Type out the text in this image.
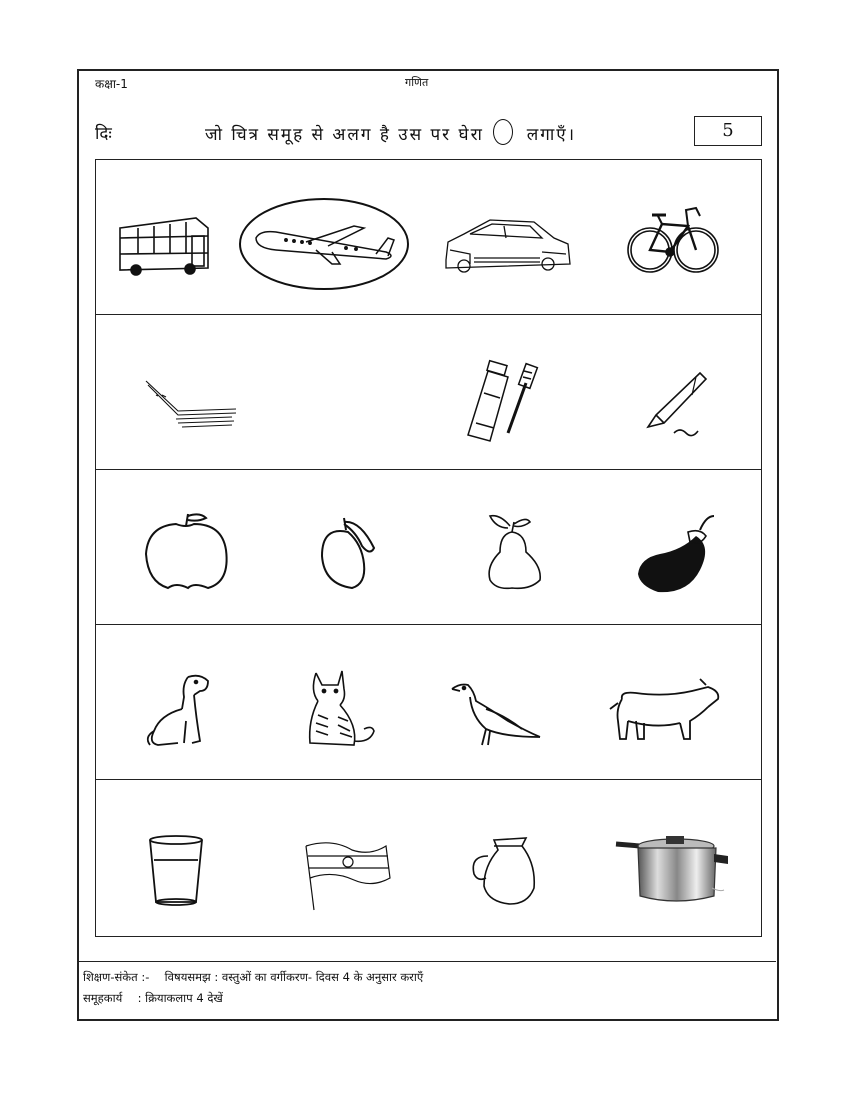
कक्षा-1	गणित
दिः	जो चित्र समूह से अलग है उस पर घेरा	लगाएँ।	5
शिक्षण-संकेत :- विषयसमझ : वस्तुओं का वर्गीकरण- दिवस 4 के अनुसार कराएँ
समूहकार्य : क्रियाकलाप 4 देखें
